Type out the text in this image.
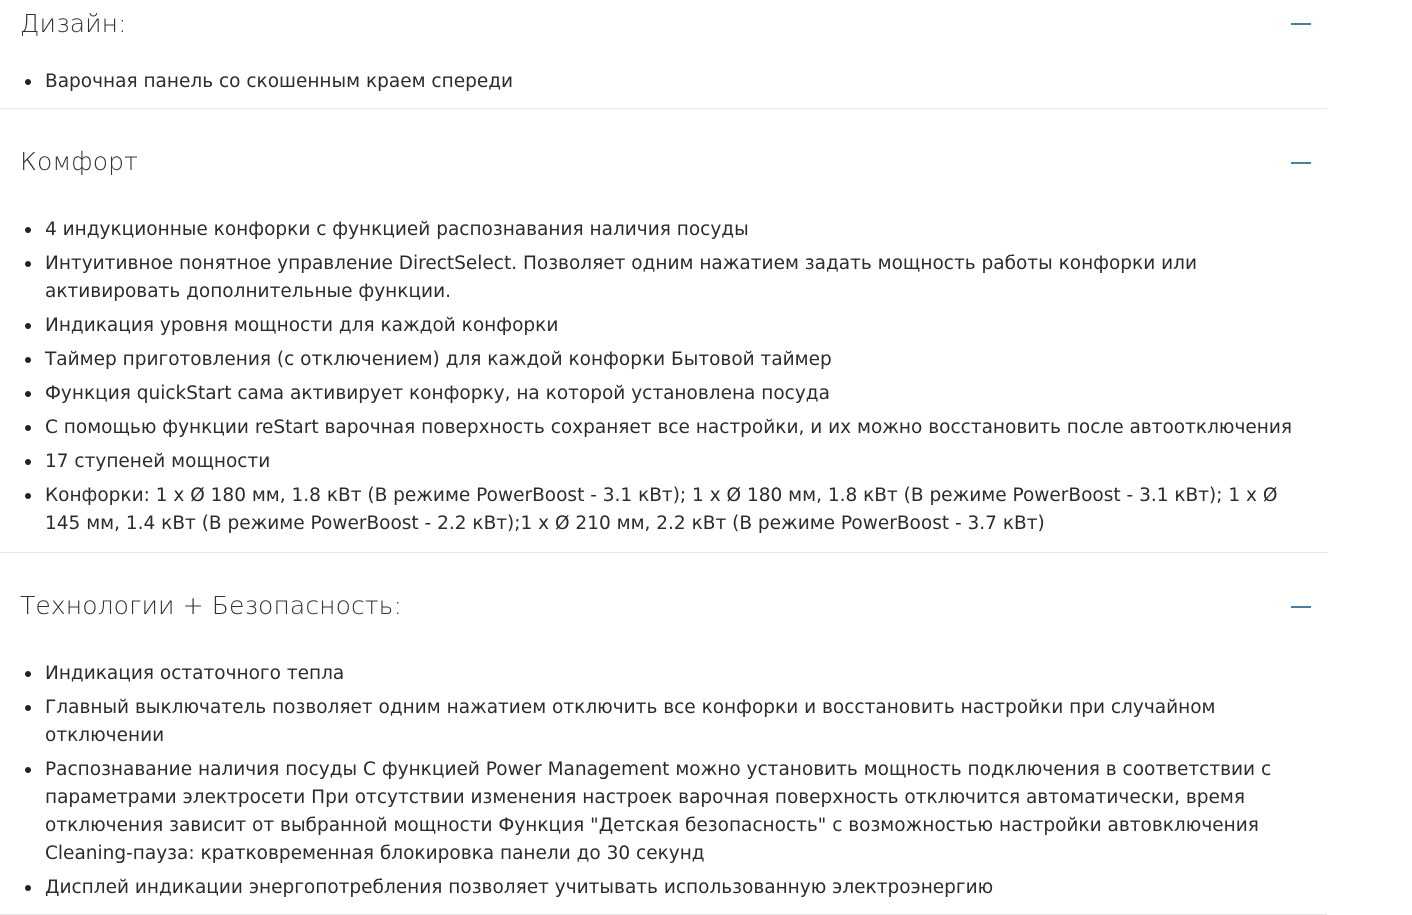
Дизайн:
Варочная панель со скошенным краем спереди
Комфорт
4 индукционные конфорки с функцией распознавания наличия посуды
Интуитивное понятное управление DirectSelect. Позволяет одним нажатием задать мощность работы конфорки или активировать дополнительные функции.
Индикация уровня мощности для каждой конфорки
Таймер приготовления (с отключением) для каждой конфорки Бытовой таймер
Функция quickStart сама активирует конфорку, на которой установлена посуда
С помощью функции reStart варочная поверхность сохраняет все настройки, и их можно восстановить после автоотключения
17 ступеней мощности
Конфорки: 1 x Ø 180 мм, 1.8 кВт (В режиме PowerBoost - 3.1 кВт); 1 x Ø 180 мм, 1.8 кВт (В режиме PowerBoost - 3.1 кВт); 1 x Ø 145 мм, 1.4 кВт (В режиме PowerBoost - 2.2 кВт);1 x Ø 210 мм, 2.2 кВт (В режиме PowerBoost - 3.7 кВт)
Технологии + Безопасность:
Индикация остаточного тепла
Главный выключатель позволяет одним нажатием отключить все конфорки и восстановить настройки при случайном отключении
Распознавание наличия посуды С функцией Power Management можно установить мощность подключения в соответствии с параметрами электросети При отсутствии изменения настроек варочная поверхность отключится автоматически, время отключения зависит от выбранной мощности Функция "Детская безопасность" с возможностью настройки автовключения Cleaning-пауза: кратковременная блокировка панели до 30 секунд
Дисплей индикации энергопотребления позволяет учитывать использованную электроэнергию
